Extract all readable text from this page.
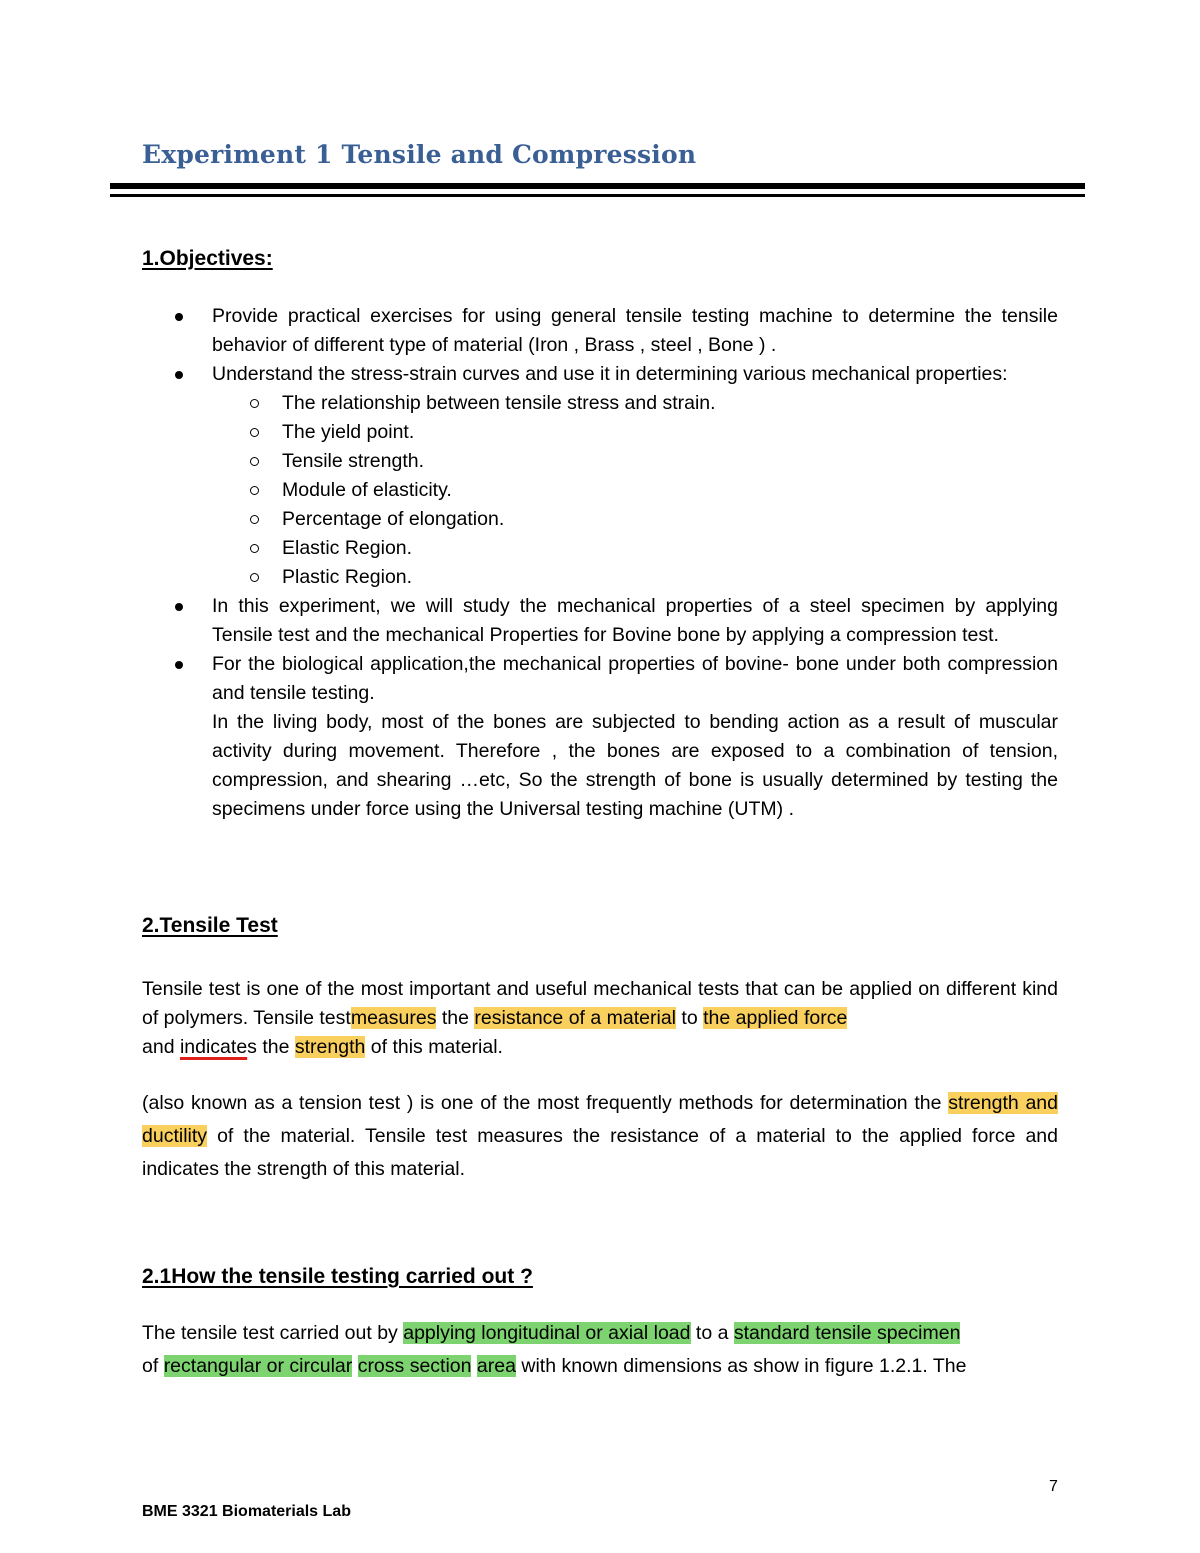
Experiment 1 Tensile and Compression
1.Objectives:
Provide practical exercises for using general tensile testing machine to determine the tensile behavior of different type of material (Iron , Brass , steel , Bone ) .
Understand the stress-strain curves and use it in determining various mechanical properties:
The relationship between tensile stress and strain.
The yield point.
Tensile strength.
Module of elasticity.
Percentage of elongation.
Elastic Region.
Plastic Region.
In this experiment, we will study the mechanical properties of a steel specimen by applying Tensile test and the mechanical Properties for Bovine bone by applying a compression test.
For the biological application,the mechanical properties of bovine- bone under both compression and tensile testing.
In the living body, most of the bones are subjected to bending action as a result of muscular activity during movement. Therefore , the bones are exposed to a combination of tension, compression, and shearing …etc, So the strength of bone is usually determined by testing the specimens under force using the Universal testing machine (UTM) .
2.Tensile Test
Tensile test is one of the most important and useful mechanical tests that can be applied on different kind of polymers. Tensile testmeasures the resistance of a material to the applied force
and indicates the strength of this material.
(also known as a tension test ) is one of the most frequently methods for determination the strength and ductility of the material. Tensile test measures the resistance of a material to the applied force and indicates the strength of this material.
2.1How the tensile testing carried out ?
The tensile test carried out by applying longitudinal or axial load to a standard tensile specimen
of rectangular or circular cross section area with known dimensions as show in figure 1.2.1. The
7
BME 3321 Biomaterials Lab
